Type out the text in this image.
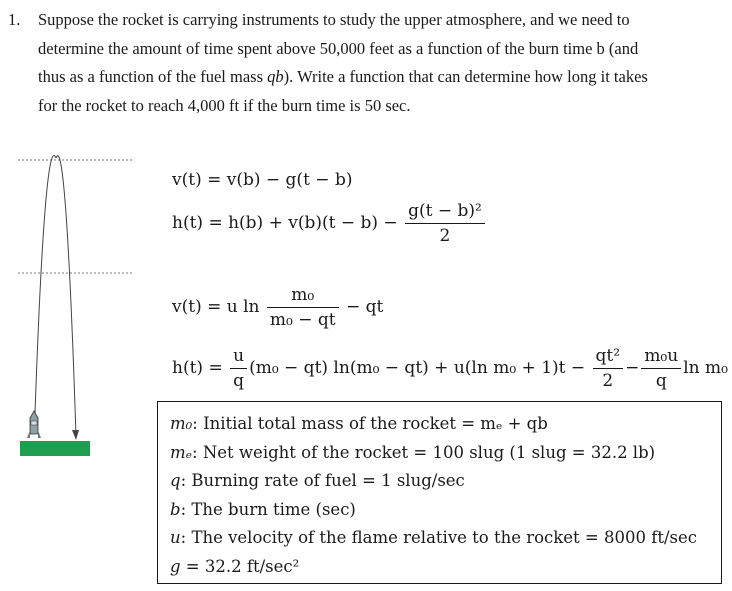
1. Suppose the rocket is carrying instruments to study the upper atmosphere, and we need to determine the amount of time spent above 50,000 feet as a function of the burn time b (and thus as a function of the fuel mass qb). Write a function that can determine how long it takes for the rocket to reach 4,000 ft if the burn time is 50 sec.
v(t) = v(b) − g(t − b)
$h(t) = h(b) + v(b)(t - b) - \frac{\text{g(t − b)²}}{2}$
v(t) = u $\ln \frac{\text{m₀}}{\text{m₀ − qt}}$ − qt
$h(t) = \frac{u}{q} (m_0 - qt) \ln(m_0 - qt) + u(\ln$ $m_0 + 1)t - \frac{\text{qt²}}{2} - \frac{\text{m₀u}}{q}$ ln m₀
m₀: Initial total mass of the rocket = mₑ + qb
mₑ: Net weight of the rocket = 100 slug (1 slug = 32.2 lb)
q: Burning rate of fuel = 1 slug/sec
b: The burn time (sec)
u: The velocity of the flame relative to the rocket = 8000 ft/sec
g = 32.2 ft/sec²
